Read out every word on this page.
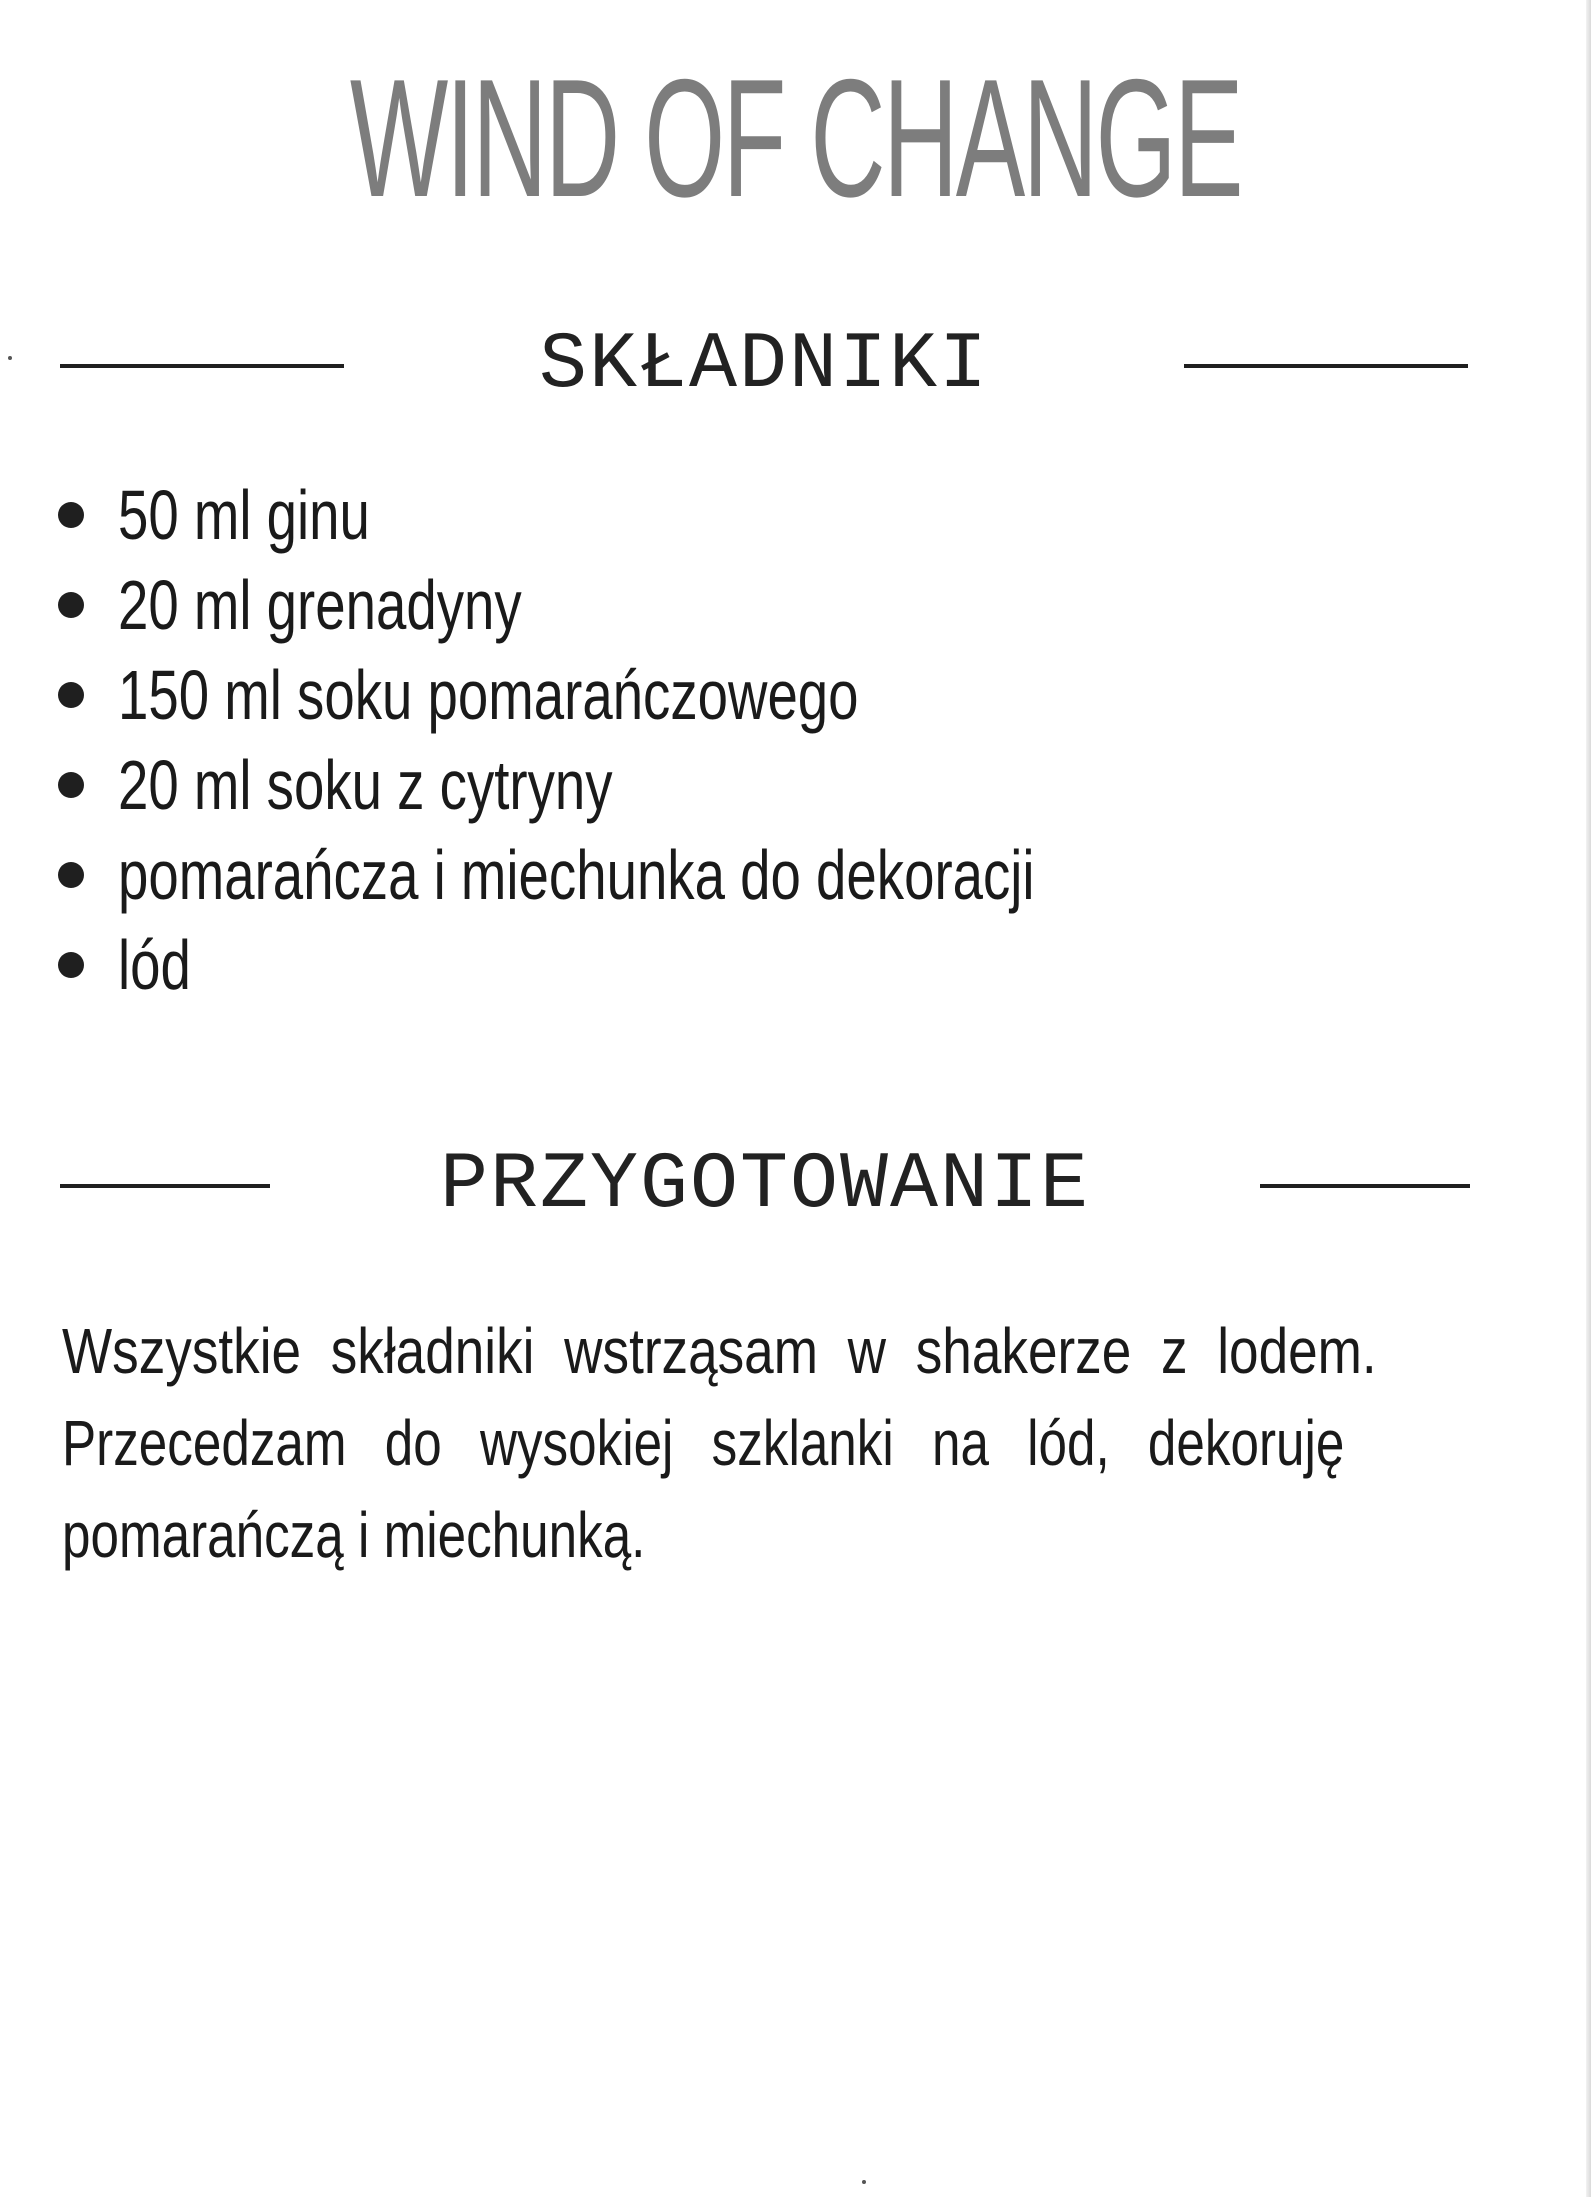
WIND OF CHANGE
SKŁADNIKI
50 ml ginu
20 ml grenadyny
150 ml soku pomarańczowego
20 ml soku z cytryny
pomarańcza i miechunka do dekoracji
lód
PRZYGOTOWANIE
Wszystkie składniki wstrząsam w shakerze z lodem.
Przecedzam do wysokiej szklanki na lód, dekoruję
pomarańczą i miechunką.
